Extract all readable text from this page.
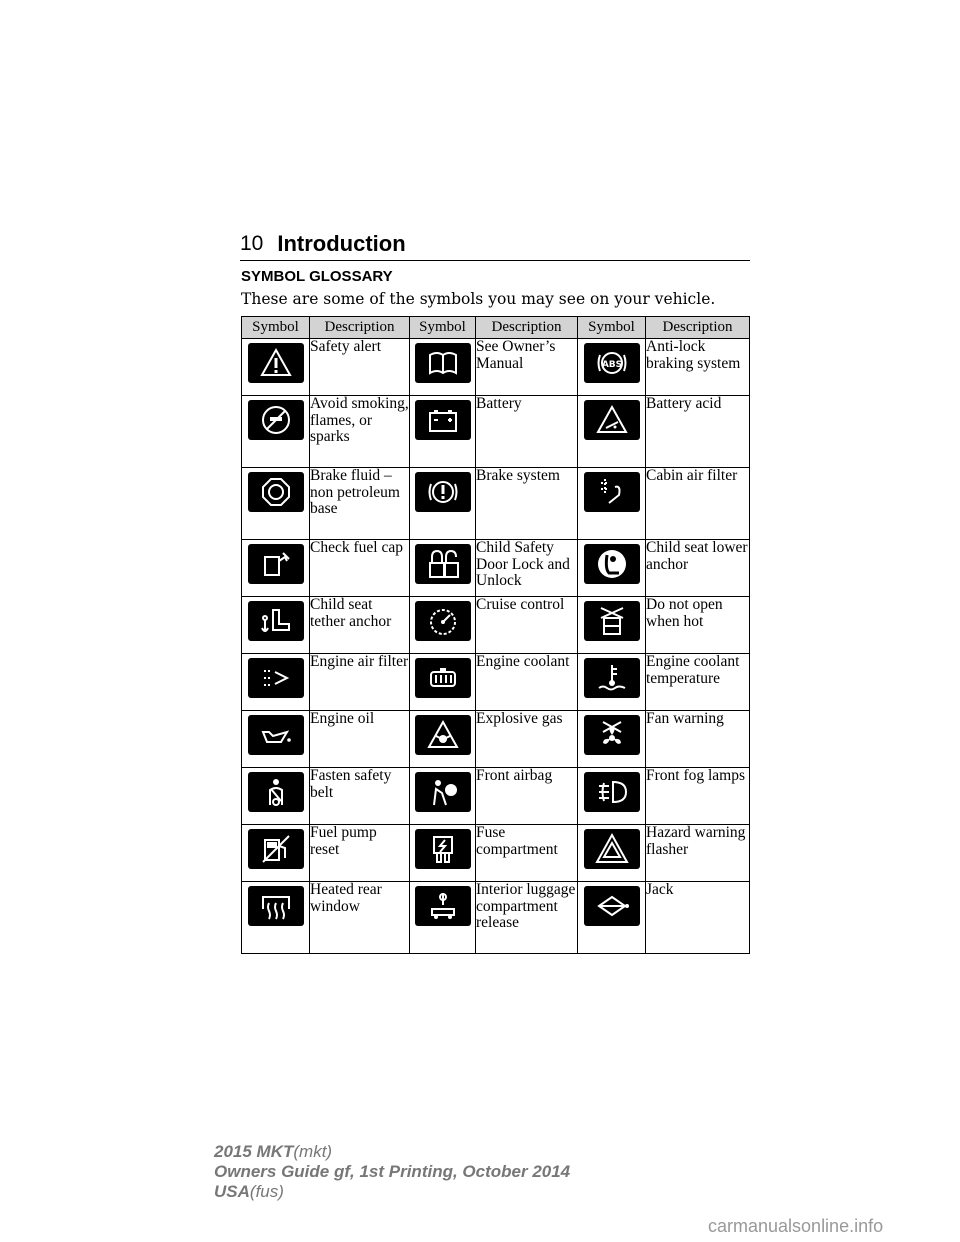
10 Introduction
SYMBOL GLOSSARY
These are some of the symbols you may see on your vehicle.
Symbol	Description	Symbol	Description	Symbol	Description

	Safety alert		See Owner’s Manual	ABS	Anti-lock braking system

	Avoid smoking, flames, or sparks		Battery		Battery acid

	Brake fluid – non petroleum base		Brake system		Cabin air filter

	Check fuel cap		Child Safety Door Lock and Unlock		Child seat lower anchor

	Child seat tether anchor		Cruise control		Do not open when hot

	Engine air filter		Engine coolant		Engine coolant temperature

	Engine oil		Explosive gas		Fan warning

	Fasten safety belt		Front airbag		Front fog lamps

	Fuel pump reset		Fuse compartment		Hazard warning flasher

	Heated rear window		Interior luggage compartment release		Jack
2015 MKT(mkt)
Owners Guide gf, 1st Printing, October 2014
USA(fus)
carmanualsonline.info
